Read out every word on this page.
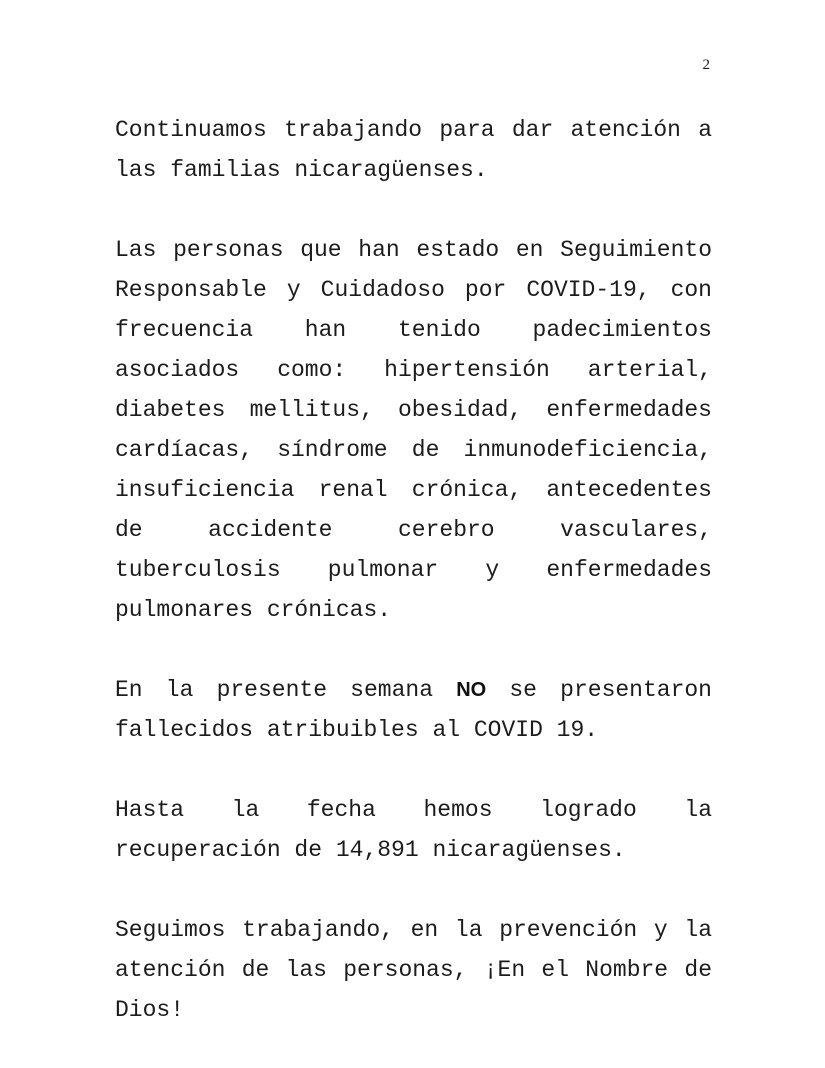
2

Continuamos trabajando para dar atención a las familias nicaragüenses.

Las personas que han estado en Seguimiento Responsable y Cuidadoso por COVID-19, con frecuencia han tenido padecimientos asociados como: hipertensión arterial, diabetes mellitus, obesidad, enfermedades cardíacas, síndrome de inmunodeficiencia, insuficiencia renal crónica, antecedentes de accidente cerebro vasculares, tuberculosis pulmonar y enfermedades pulmonares crónicas.

En la presente semana NO se presentaron fallecidos atribuibles al COVID 19.

Hasta la fecha hemos logrado la recuperación de 14,891 nicaragüenses.

Seguimos trabajando, en la prevención y la atención de las personas, ¡En el Nombre de Dios!
